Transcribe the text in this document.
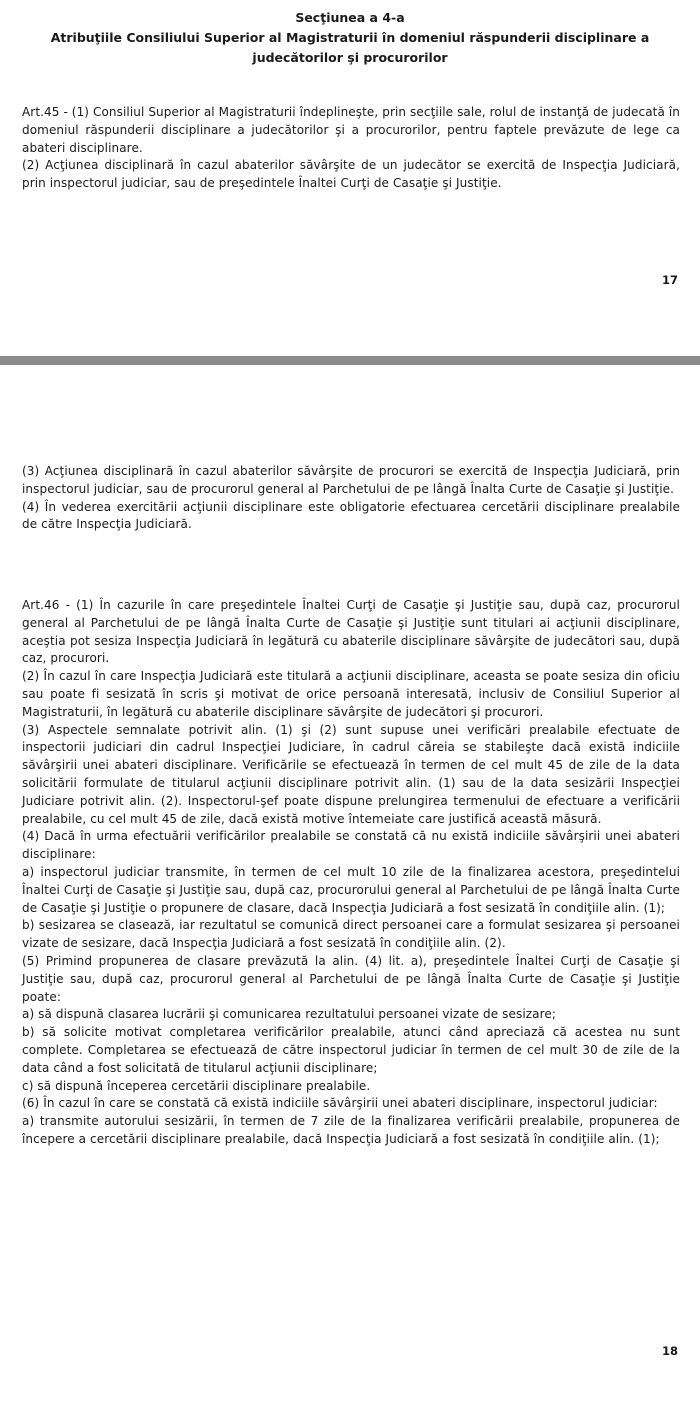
Secţiunea a 4-a
Atribuţiile Consiliului Superior al Magistraturii în domeniul răspunderii disciplinare a
judecătorilor şi procurorilor

Art.45 - (1) Consiliul Superior al Magistraturii îndeplineşte, prin secţiile sale, rolul de instanţă de judecată în domeniul răspunderii disciplinare a judecătorilor şi a procurorilor, pentru faptele prevăzute de lege ca abateri disciplinare.

(2) Acţiunea disciplinară în cazul abaterilor săvârşite de un judecător se exercită de Inspecţia Judiciară, prin inspectorul judiciar, sau de preşedintele Înaltei Curţi de Casaţie şi Justiţie.

17

(3) Acţiunea disciplinară în cazul abaterilor săvârşite de procurori se exercită de Inspecţia Judiciară, prin inspectorul judiciar, sau de procurorul general al Parchetului de pe lângă Înalta Curte de Casaţie şi Justiţie.

(4) În vederea exercitării acţiunii disciplinare este obligatorie efectuarea cercetării disciplinare prealabile de către Inspecţia Judiciară.

Art.46 - (1) În cazurile în care preşedintele Înaltei Curţi de Casaţie şi Justiţie sau, după caz, procurorul general al Parchetului de pe lângă Înalta Curte de Casaţie şi Justiţie sunt titulari ai acţiunii disciplinare, aceştia pot sesiza Inspecţia Judiciară în legătură cu abaterile disciplinare săvârşite de judecători sau, după caz, procurori.

(2) În cazul în care Inspecţia Judiciară este titulară a acţiunii disciplinare, aceasta se poate sesiza din oficiu sau poate fi sesizată în scris şi motivat de orice persoană interesată, inclusiv de Consiliul Superior al Magistraturii, în legătură cu abaterile disciplinare săvârşite de judecători şi procurori.

(3) Aspectele semnalate potrivit alin. (1) şi (2) sunt supuse unei verificări prealabile efectuate de inspectorii judiciari din cadrul Inspecţiei Judiciare, în cadrul căreia se stabileşte dacă există indiciile săvârşirii unei abateri disciplinare. Verificările se efectuează în termen de cel mult 45 de zile de la data solicitării formulate de titularul acţiunii disciplinare potrivit alin. (1) sau de la data sesizării Inspecţiei Judiciare potrivit alin. (2). Inspectorul-şef poate dispune prelungirea termenului de efectuare a verificării prealabile, cu cel mult 45 de zile, dacă există motive întemeiate care justifică această măsură.

(4) Dacă în urma efectuării verificărilor prealabile se constată că nu există indiciile săvârşirii unei abateri disciplinare:

a) inspectorul judiciar transmite, în termen de cel mult 10 zile de la finalizarea acestora, preşedintelui Înaltei Curţi de Casaţie şi Justiţie sau, după caz, procurorului general al Parchetului de pe lângă Înalta Curte de Casaţie şi Justiţie o propunere de clasare, dacă Inspecţia Judiciară a fost sesizată în condiţiile alin. (1);

b) sesizarea se clasează, iar rezultatul se comunică direct persoanei care a formulat sesizarea şi persoanei vizate de sesizare, dacă Inspecţia Judiciară a fost sesizată în condiţiile alin. (2).

(5) Primind propunerea de clasare prevăzută la alin. (4) lit. a), preşedintele Înaltei Curţi de Casaţie şi Justiţie sau, după caz, procurorul general al Parchetului de pe lângă Înalta Curte de Casaţie şi Justiţie poate:

a) să dispună clasarea lucrării şi comunicarea rezultatului persoanei vizate de sesizare;

b) să solicite motivat completarea verificărilor prealabile, atunci când apreciază că acestea nu sunt complete. Completarea se efectuează de către inspectorul judiciar în termen de cel mult 30 de zile de la data când a fost solicitată de titularul acţiunii disciplinare;

c) să dispună începerea cercetării disciplinare prealabile.

(6) În cazul în care se constată că există indiciile săvârşirii unei abateri disciplinare, inspectorul judiciar:

a) transmite autorului sesizării, în termen de 7 zile de la finalizarea verificării prealabile, propunerea de începere a cercetării disciplinare prealabile, dacă Inspecţia Judiciară a fost sesizată în condiţiile alin. (1);

18
